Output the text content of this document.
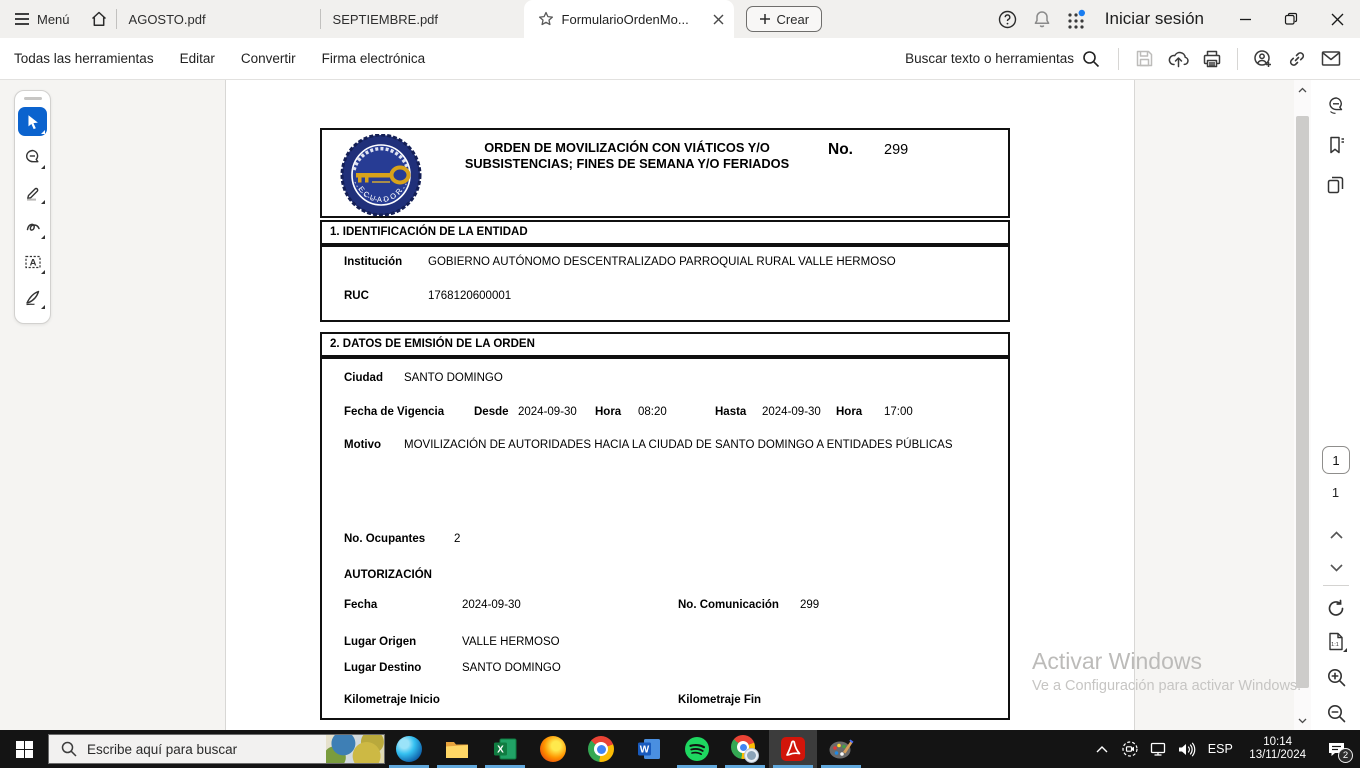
Menú	AGOSTO.pdf	SEPTIEMBRE.pdf	FormularioOrdenMo...	Crear	Iniciar sesión
Todas las herramientas Editar Convertir Firma electrónica	Buscar texto o herramientas
A
ECUADOR
ORDEN DE MOVILIZACIÓN CON VIÁTICOS Y/O SUBSISTENCIAS; FINES DE SEMANA Y/O FERIADOS
No. 299
1. IDENTIFICACIÓN DE LA ENTIDAD
Institución GOBIERNO AUTÓNOMO DESCENTRALIZADO PARROQUIAL RURAL VALLE HERMOSO
RUC	1768120600001
2. DATOS DE EMISIÓN DE LA ORDEN
Ciudad SANTO DOMINGO
Fecha de Vigencia	Desde 2024-09-30 Hora 08:20	Hasta 2024-09-30 Hora 17:00
Motivo MOVILIZACIÓN DE AUTORIDADES HACIA LA CIUDAD DE SANTO DOMINGO A ENTIDADES PÚBLICAS
No. Ocupantes	2
AUTORIZACIÓN
Fecha	2024-09-30	No. Comunicación 299
Lugar Origen	VALLE HERMOSO
Lugar Destino	SANTO DOMINGO
Kilometraje Inicio	Kilometraje Fin
1
1
1:1
Activar Windows
Ve a Configuración para activar Windows.
Escribe aquí para buscar	X	W	ESP	10:14
13/11/2024	2
